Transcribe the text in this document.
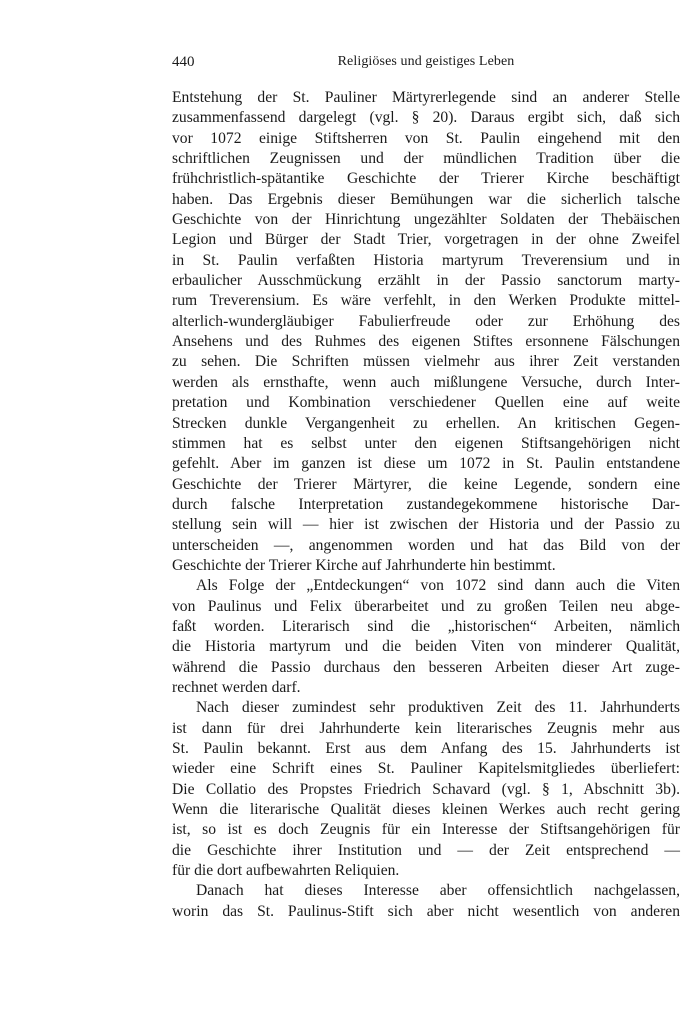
440	Religiöses und geistiges Leben
Entstehung der St. Pauliner Märtyrerlegende sind an anderer Stelle
zusammenfassend dargelegt (vgl. § 20). Daraus ergibt sich, daß sich
vor 1072 einige Stiftsherren von St. Paulin eingehend mit den
schriftlichen Zeugnissen und der mündlichen Tradition über die
frühchristlich-spätantike Geschichte der Trierer Kirche beschäftigt
haben. Das Ergebnis dieser Bemühungen war die sicherlich talsche
Geschichte von der Hinrichtung ungezählter Soldaten der Thebäischen
Legion und Bürger der Stadt Trier, vorgetragen in der ohne Zweifel
in St. Paulin verfaßten Historia martyrum Treverensium und in
erbaulicher Ausschmückung erzählt in der Passio sanctorum marty-
rum Treverensium. Es wäre verfehlt, in den Werken Produkte mittel-
alterlich-wundergläubiger Fabulierfreude oder zur Erhöhung des
Ansehens und des Ruhmes des eigenen Stiftes ersonnene Fälschungen
zu sehen. Die Schriften müssen vielmehr aus ihrer Zeit verstanden
werden als ernsthafte, wenn auch mißlungene Versuche, durch Inter-
pretation und Kombination verschiedener Quellen eine auf weite
Strecken dunkle Vergangenheit zu erhellen. An kritischen Gegen-
stimmen hat es selbst unter den eigenen Stiftsangehörigen nicht
gefehlt. Aber im ganzen ist diese um 1072 in St. Paulin entstandene
Geschichte der Trierer Märtyrer, die keine Legende, sondern eine
durch falsche Interpretation zustandegekommene historische Dar-
stellung sein will — hier ist zwischen der Historia und der Passio zu
unterscheiden —, angenommen worden und hat das Bild von der
Geschichte der Trierer Kirche auf Jahrhunderte hin bestimmt.
Als Folge der „Entdeckungen“ von 1072 sind dann auch die Viten
von Paulinus und Felix überarbeitet und zu großen Teilen neu abge-
faßt worden. Literarisch sind die „historischen“ Arbeiten, nämlich
die Historia martyrum und die beiden Viten von minderer Qualität,
während die Passio durchaus den besseren Arbeiten dieser Art zuge-
rechnet werden darf.
Nach dieser zumindest sehr produktiven Zeit des 11. Jahrhunderts
ist dann für drei Jahrhunderte kein literarisches Zeugnis mehr aus
St. Paulin bekannt. Erst aus dem Anfang des 15. Jahrhunderts ist
wieder eine Schrift eines St. Pauliner Kapitelsmitgliedes überliefert:
Die Collatio des Propstes Friedrich Schavard (vgl. § 1, Abschnitt 3b).
Wenn die literarische Qualität dieses kleinen Werkes auch recht gering
ist, so ist es doch Zeugnis für ein Interesse der Stiftsangehörigen für
die Geschichte ihrer Institution und — der Zeit entsprechend —
für die dort aufbewahrten Reliquien.
Danach hat dieses Interesse aber offensichtlich nachgelassen,
worin das St. Paulinus-Stift sich aber nicht wesentlich von anderen
